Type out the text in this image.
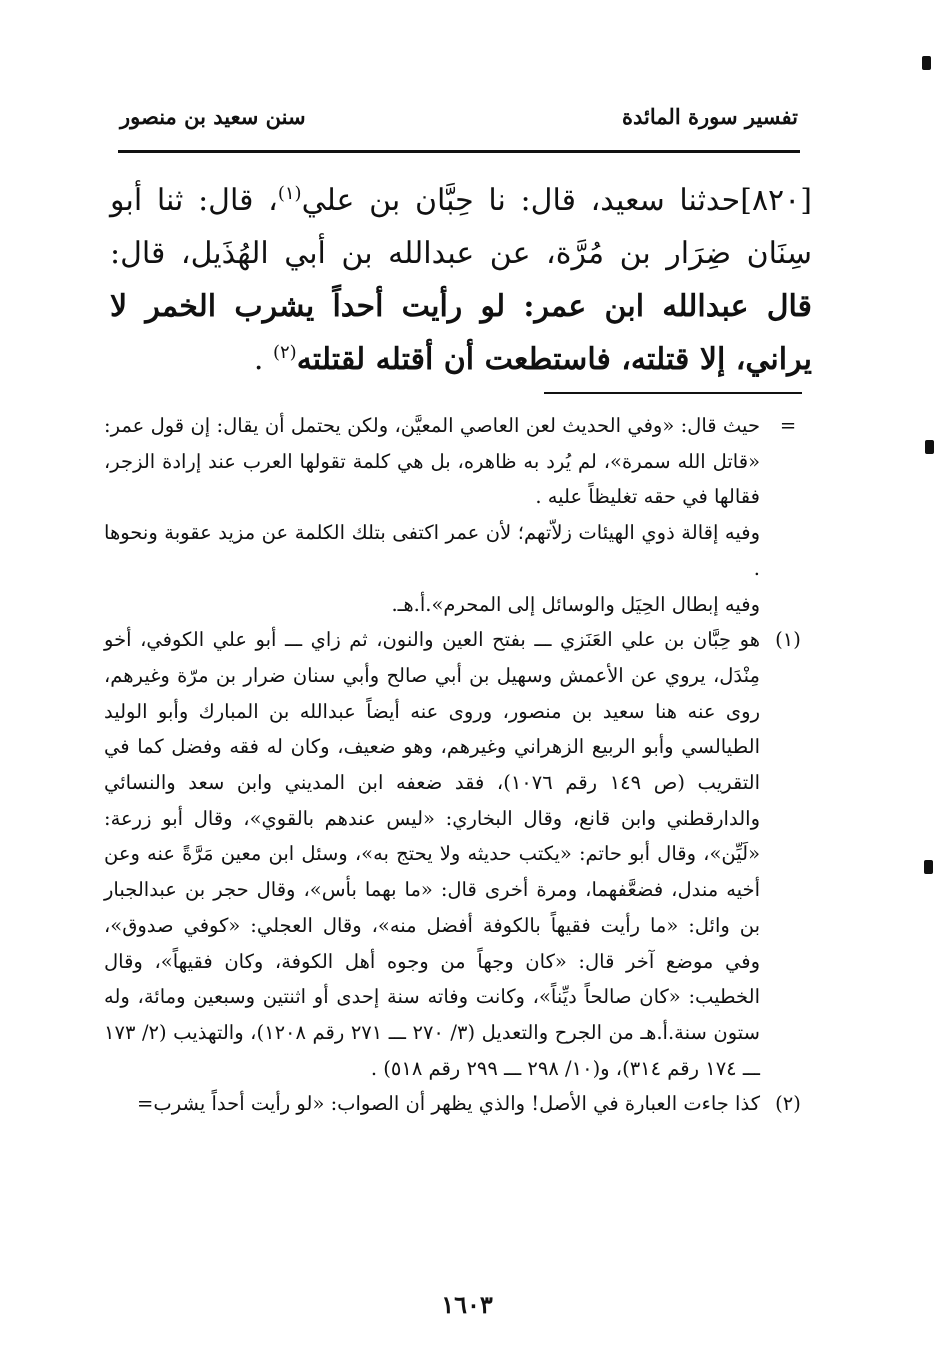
تفسير سورة المائدة
سنن سعيد بن منصور
[٨٢٠]حدثنا سعيد، قال: نا حِبَّان بن علي$^{(١)}$، قال: ثنا أبو سِنَان ضِرَار بن مُرَّة، عن عبدالله بن أبي الهُذَيل، قال: قال عبدالله ابن عمر: لو رأيت أحداً يشرب الخمر لا يراني، إلا قتلته، فاستطعت أن أقتله لقتلته$^{(٢)}$ .
=
حيث قال: «وفي الحديث لعن العاصي المعيَّن، ولكن يحتمل أن يقال: إن قول عمر: «قاتل الله سمرة»، لم يُرد به ظاهره، بل هي كلمة تقولها العرب عند إرادة الزجر، فقالها في حقه تغليظاً عليه .
وفيه إقالة ذوي الهيئات زلاّتهم؛ لأن عمر اكتفى بتلك الكلمة عن مزيد عقوبة ونحوها .
وفيه إبطال الحِيَل والوسائل إلى المحرم».أ.هـ.
(١)
هو حِبَّان بن علي العَنَزي ـــ بفتح العين والنون، ثم زاي ـــ أبو علي الكوفي، أخو مِنْدَل، يروي عن الأعمش وسهيل بن أبي صالح وأبي سنان ضرار بن مرّة وغيرهم، روى عنه هنا سعيد بن منصور، وروى عنه أيضاً عبدالله بن المبارك وأبو الوليد الطيالسي وأبو الربيع الزهراني وغيرهم، وهو ضعيف، وكان له فقه وفضل كما في التقريب (ص ١٤٩ رقم ١٠٧٦)، فقد ضعفه ابن المديني وابن سعد والنسائي والدارقطني وابن قانع، وقال البخاري: «ليس عندهم بالقوي»، وقال أبو زرعة: «لَيِّن»، وقال أبو حاتم: «يكتب حديثه ولا يحتج به»، وسئل ابن معين مَرَّةً عنه وعن أخيه مندل، فضعَّفهما، ومرة أخرى قال: «ما بهما بأس»، وقال حجر بن عبدالجبار بن وائل: «ما رأيت فقيهاً بالكوفة أفضل منه»، وقال العجلي: «كوفي صدوق»، وفي موضع آخر قال: «كان وجهاً من وجوه أهل الكوفة، وكان فقيهاً»، وقال الخطيب: «كان صالحاً ديِّناً»، وكانت وفاته سنة إحدى أو اثنتين وسبعين ومائة، وله ستون سنة.أ.هـ من الجرح والتعديل (٣/ ٢٧٠ ـــ ٢٧١ رقم ١٢٠٨)، والتهذيب (٢/ ١٧٣ ـــ ١٧٤ رقم ٣١٤)، و(١٠/ ٢٩٨ ـــ ٢٩٩ رقم ٥١٨) .
(٢)
كذا جاءت العبارة في الأصل! والذي يظهر أن الصواب: «لو رأيت أحداً يشرب=
١٦٠٣
